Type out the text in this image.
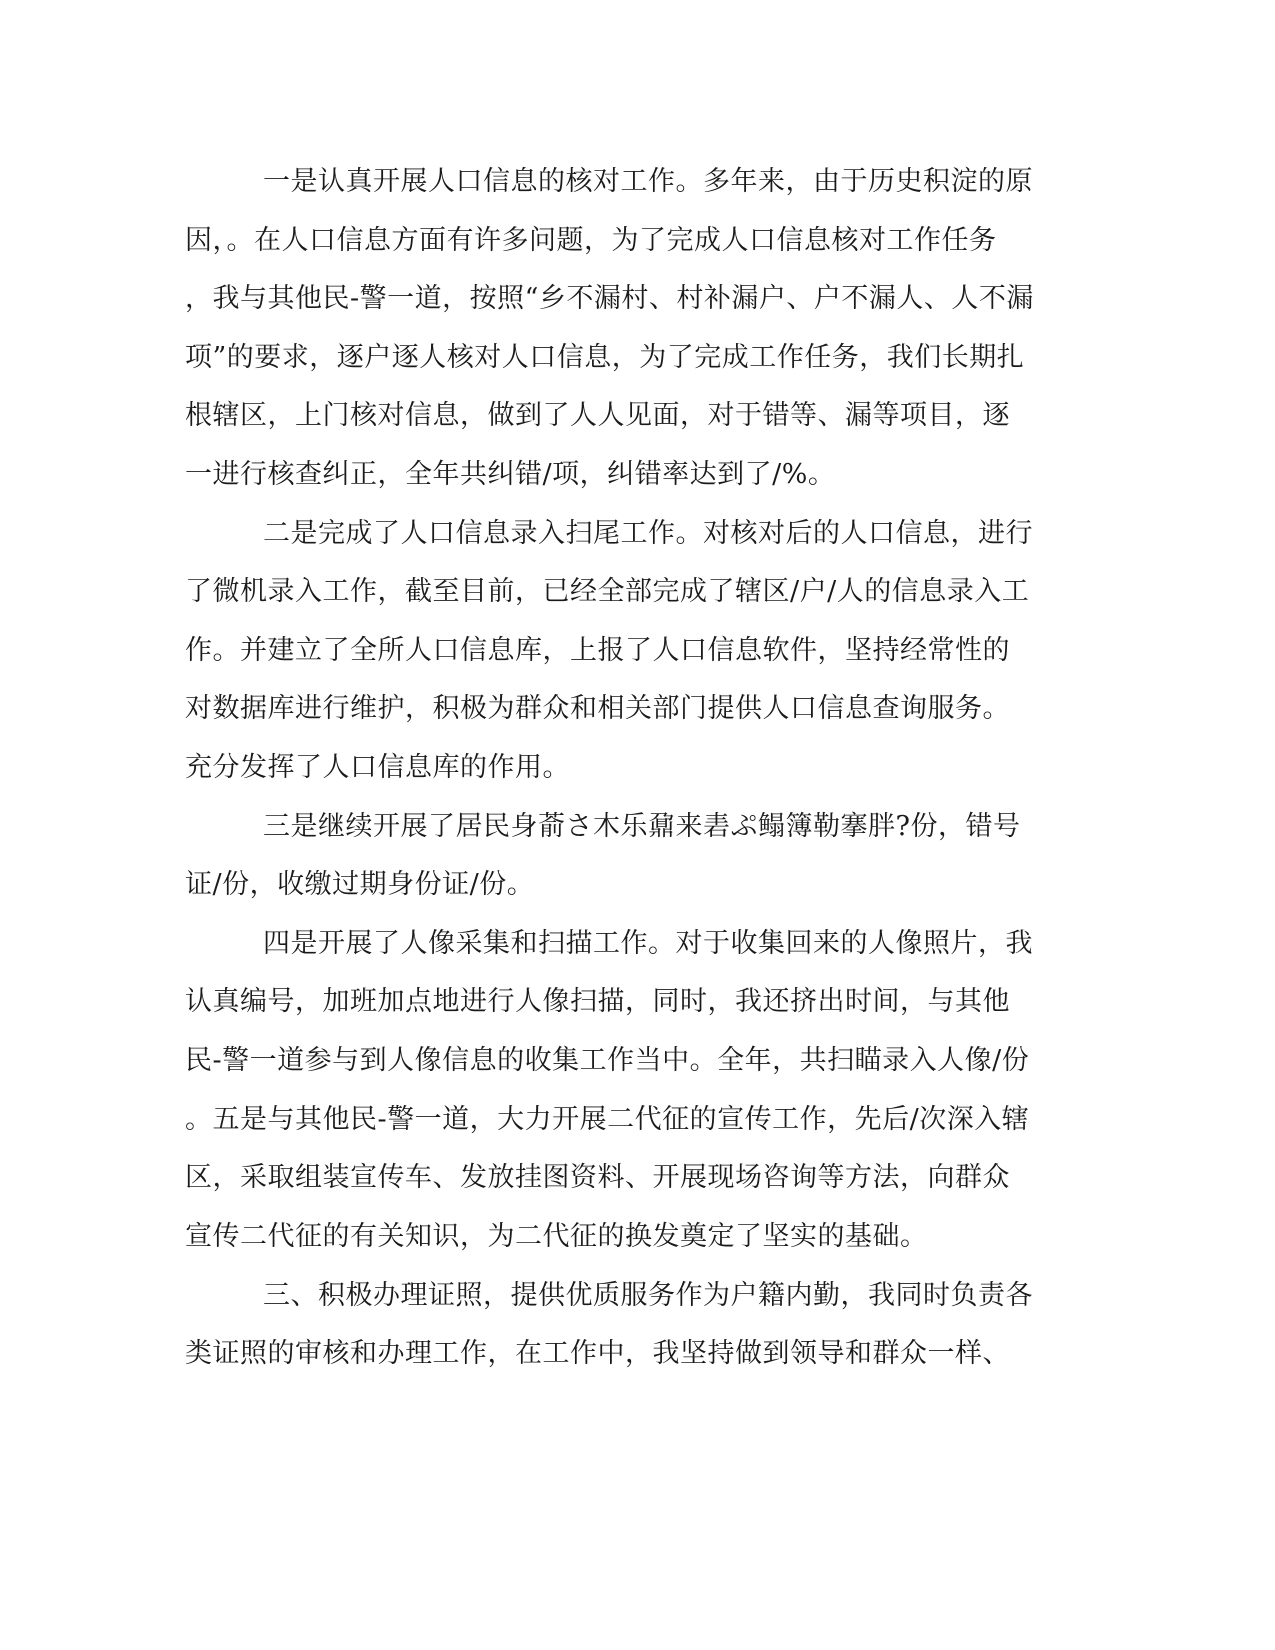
一是认真开展人口信息的核对工作。多年来，由于历史积淀的原
因，。在人口信息方面有许多问题，为了完成人口信息核对工作任务
，我与其他民-警一道，按照“乡不漏村、村补漏户、户不漏人、人不漏
项”的要求，逐户逐人核对人口信息，为了完成工作任务，我们长期扎
根辖区，上门核对信息，做到了人人见面，对于错等、漏等项目，逐
一进行核查纠正，全年共纠错/项，纠错率达到了/%。
二是完成了人口信息录入扫尾工作。对核对后的人口信息，进行
了微机录入工作，截至目前，已经全部完成了辖区/户/人的信息录入工
作。并建立了全所人口信息库，上报了人口信息软件，坚持经常性的
对数据库进行维护，积极为群众和相关部门提供人口信息查询服务。
充分发挥了人口信息库的作用。
三是继续开展了居民身萮さ木乐鼐来砉ぷ鳎簿勒搴胖?份，错号
证/份，收缴过期身份证/份。
四是开展了人像采集和扫描工作。对于收集回来的人像照片，我
认真编号，加班加点地进行人像扫描，同时，我还挤出时间，与其他
民-警一道参与到人像信息的收集工作当中。全年，共扫瞄录入人像/份
。五是与其他民-警一道，大力开展二代征的宣传工作，先后/次深入辖
区，采取组装宣传车、发放挂图资料、开展现场咨询等方法，向群众
宣传二代征的有关知识，为二代征的换发奠定了坚实的基础。
三、积极办理证照，提供优质服务作为户籍内勤，我同时负责各
类证照的审核和办理工作，在工作中，我坚持做到领导和群众一样、
